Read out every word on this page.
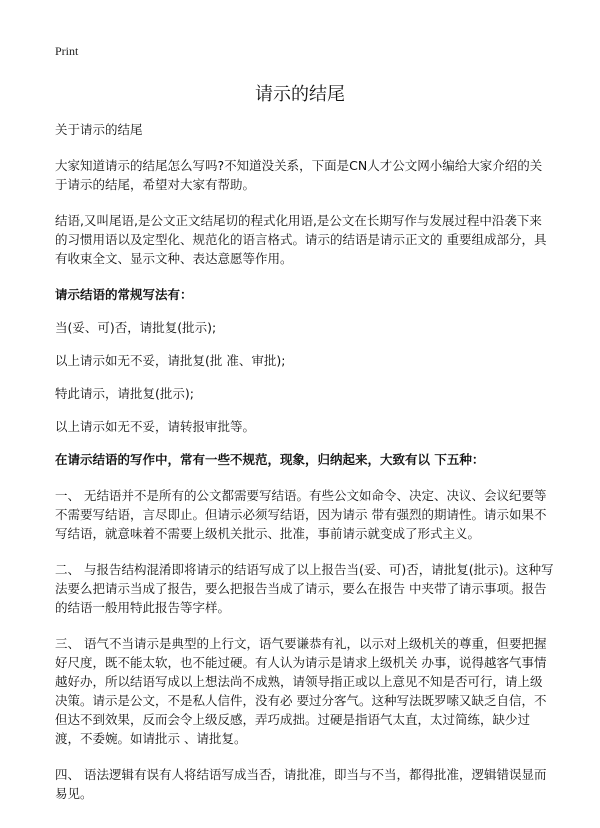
Print
请示的结尾

关于请示的结尾

大家知道请示的结尾怎么写吗?不知道没关系，下面是CN人才公文网小编给大家介绍的关于请示的结尾，希望对大家有帮助。

结语,又叫尾语,是公文正文结尾切的程式化用语,是公文在长期写作与发展过程中沿袭下来的习惯用语以及定型化、规范化的语言格式。请示的结语是请示正文的 重要组成部分，具有收束全文、显示文种、表达意愿等作用。

请示结语的常规写法有：

当(妥、可)否，请批复(批示);

以上请示如无不妥，请批复(批 准、审批);

特此请示，请批复(批示);

以上请示如无不妥，请转报审批等。

在请示结语的写作中，常有一些不规范，现象，归纳起来，大致有以 下五种：

一、 无结语并不是所有的公文都需要写结语。有些公文如命令、决定、决议、会议纪要等不需要写结语，言尽即止。但请示必须写结语，因为请示 带有强烈的期请性。请示如果不写结语，就意味着不需要上级机关批示、批准，事前请示就变成了形式主义。

二、 与报告结构混淆即将请示的结语写成了以上报告当(妥、可)否，请批复(批示)。这种写法要么把请示当成了报告，要么把报告当成了请示，要么在报告 中夹带了请示事项。报告的结语一般用特此报告等字样。

三、 语气不当请示是典型的上行文，语气要谦恭有礼，以示对上级机关的尊重，但要把握好尺度，既不能太软，也不能过硬。有人认为请示是请求上级机关 办事，说得越客气事情越好办，所以结语写成以上想法尚不成熟，请领导指正或以上意见不知是否可行，请上级决策。请示是公文，不是私人信件，没有必 要过分客气。这种写法既罗嗦又缺乏自信，不但达不到效果，反而会令上级反感，弄巧成拙。过硬是指语气太直，太过简练，缺少过渡，不委婉。如请批示 、请批复。

四、 语法逻辑有误有人将结语写成当否，请批准，即当与不当，都得批准，逻辑错误显而易见。
